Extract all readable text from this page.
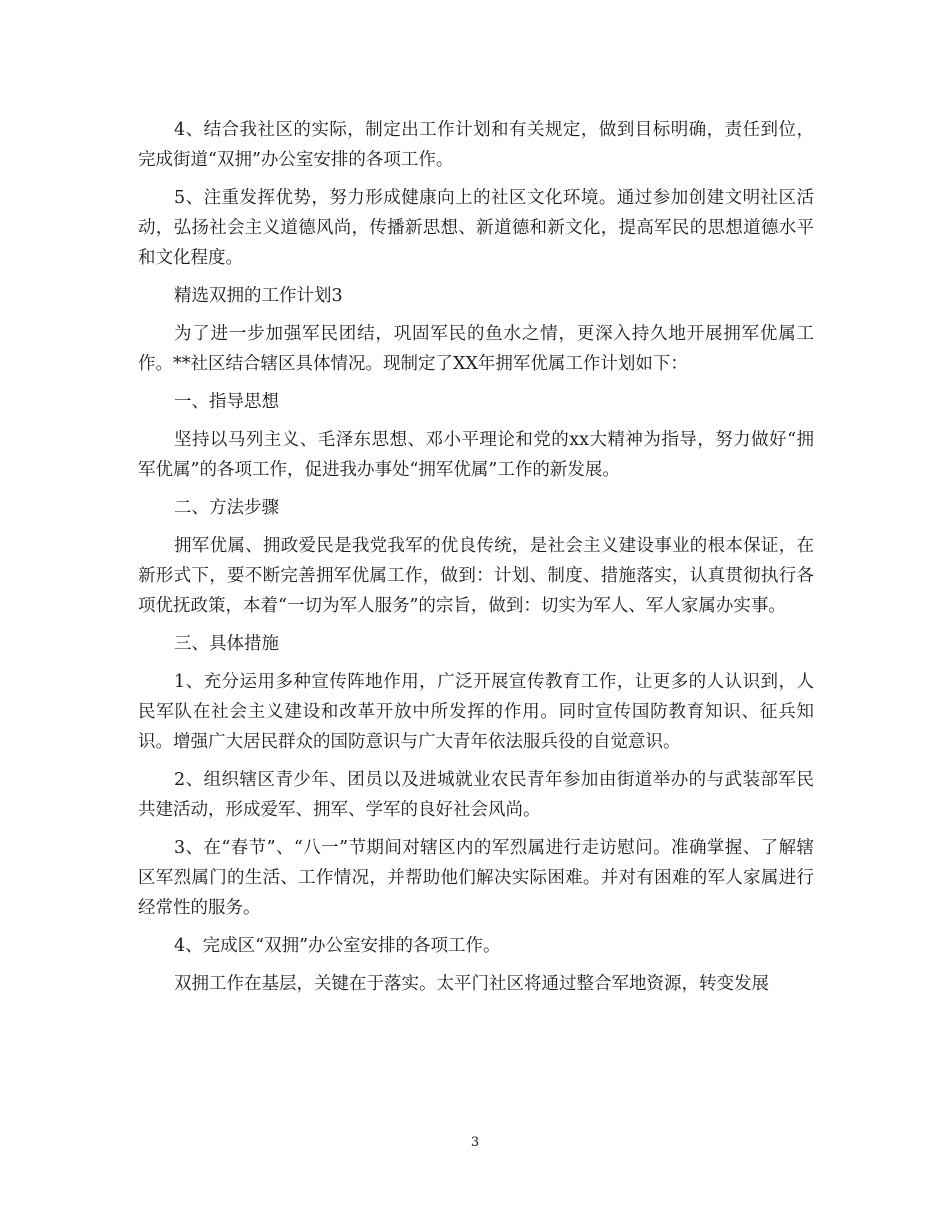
4、结合我社区的实际，制定出工作计划和有关规定，做到目标明确，责任到位，完成街道“双拥”办公室安排的各项工作。

5、注重发挥优势，努力形成健康向上的社区文化环境。通过参加创建文明社区活动，弘扬社会主义道德风尚，传播新思想、新道德和新文化，提高军民的思想道德水平和文化程度。

精选双拥的工作计划3

为了进一步加强军民团结，巩固军民的鱼水之情，更深入持久地开展拥军优属工作。**社区结合辖区具体情况。现制定了XX年拥军优属工作计划如下：

一、指导思想

坚持以马列主义、毛泽东思想、邓小平理论和党的xx大精神为指导，努力做好“拥军优属”的各项工作，促进我办事处“拥军优属”工作的新发展。

二、方法步骤

拥军优属、拥政爱民是我党我军的优良传统，是社会主义建设事业的根本保证，在新形式下，要不断完善拥军优属工作，做到：计划、制度、措施落实，认真贯彻执行各项优抚政策，本着“一切为军人服务”的宗旨，做到：切实为军人、军人家属办实事。

三、具体措施

1、充分运用多种宣传阵地作用，广泛开展宣传教育工作，让更多的人认识到，人民军队在社会主义建设和改革开放中所发挥的作用。同时宣传国防教育知识、征兵知识。增强广大居民群众的国防意识与广大青年依法服兵役的自觉意识。

2、组织辖区青少年、团员以及进城就业农民青年参加由街道举办的与武装部军民共建活动，形成爱军、拥军、学军的良好社会风尚。

3、在“春节”、“八一”节期间对辖区内的军烈属进行走访慰问。准确掌握、了解辖区军烈属门的生活、工作情况，并帮助他们解决实际困难。并对有困难的军人家属进行经常性的服务。

4、完成区“双拥”办公室安排的各项工作。

双拥工作在基层，关键在于落实。太平门社区将通过整合军地资源，转变发展

3
